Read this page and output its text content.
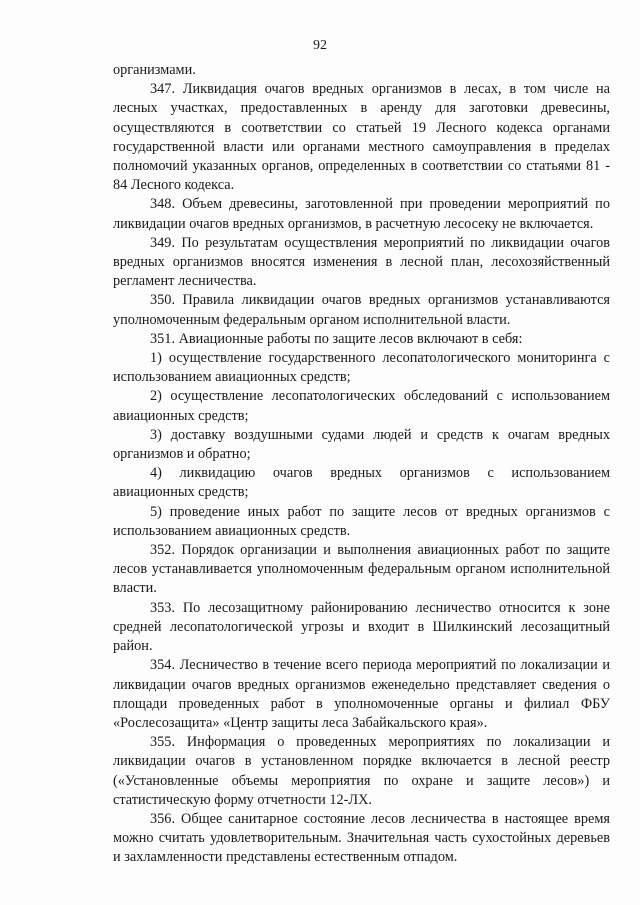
92

организмами.

347. Ликвидация очагов вредных организмов в лесах, в том числе на лесных участках, предоставленных в аренду для заготовки древесины, осуществляются в соответствии со статьей 19 Лесного кодекса органами государственной власти или органами местного самоуправления в пределах полномочий указанных органов, определенных в соответствии со статьями 81 - 84 Лесного кодекса.

348. Объем древесины, заготовленной при проведении мероприятий по ликвидации очагов вредных организмов, в расчетную лесосеку не включается.

349. По результатам осуществления мероприятий по ликвидации очагов вредных организмов вносятся изменения в лесной план, лесохозяйственный регламент лесничества.

350. Правила ликвидации очагов вредных организмов устанавливаются уполномоченным федеральным органом исполнительной власти.

351. Авиационные работы по защите лесов включают в себя:

1) осуществление государственного лесопатологического мониторинга с использованием авиационных средств;

2) осуществление лесопатологических обследований с использованием авиационных средств;

3) доставку воздушными судами людей и средств к очагам вредных организмов и обратно;

4) ликвидацию очагов вредных организмов с использованием авиационных средств;

5) проведение иных работ по защите лесов от вредных организмов с использованием авиационных средств.

352. Порядок организации и выполнения авиационных работ по защите лесов устанавливается уполномоченным федеральным органом исполнительной власти.

353. По лесозащитному районированию лесничество относится к зоне средней лесопатологической угрозы и входит в Шилкинский лесозащитный район.

354. Лесничество в течение всего периода мероприятий по локализации и ликвидации очагов вредных организмов еженедельно представляет сведения о площади проведенных работ в уполномоченные органы и филиал ФБУ «Рослесозащита» «Центр защиты леса Забайкальского края».

355. Информация о проведенных мероприятиях по локализации и ликвидации очагов в установленном порядке включается в лесной реестр («Установленные объемы мероприятия по охране и защите лесов») и статистическую форму отчетности 12-ЛХ.

356. Общее санитарное состояние лесов лесничества в настоящее время можно считать удовлетворительным. Значительная часть сухостойных деревьев и захламленности представлены естественным отпадом.
